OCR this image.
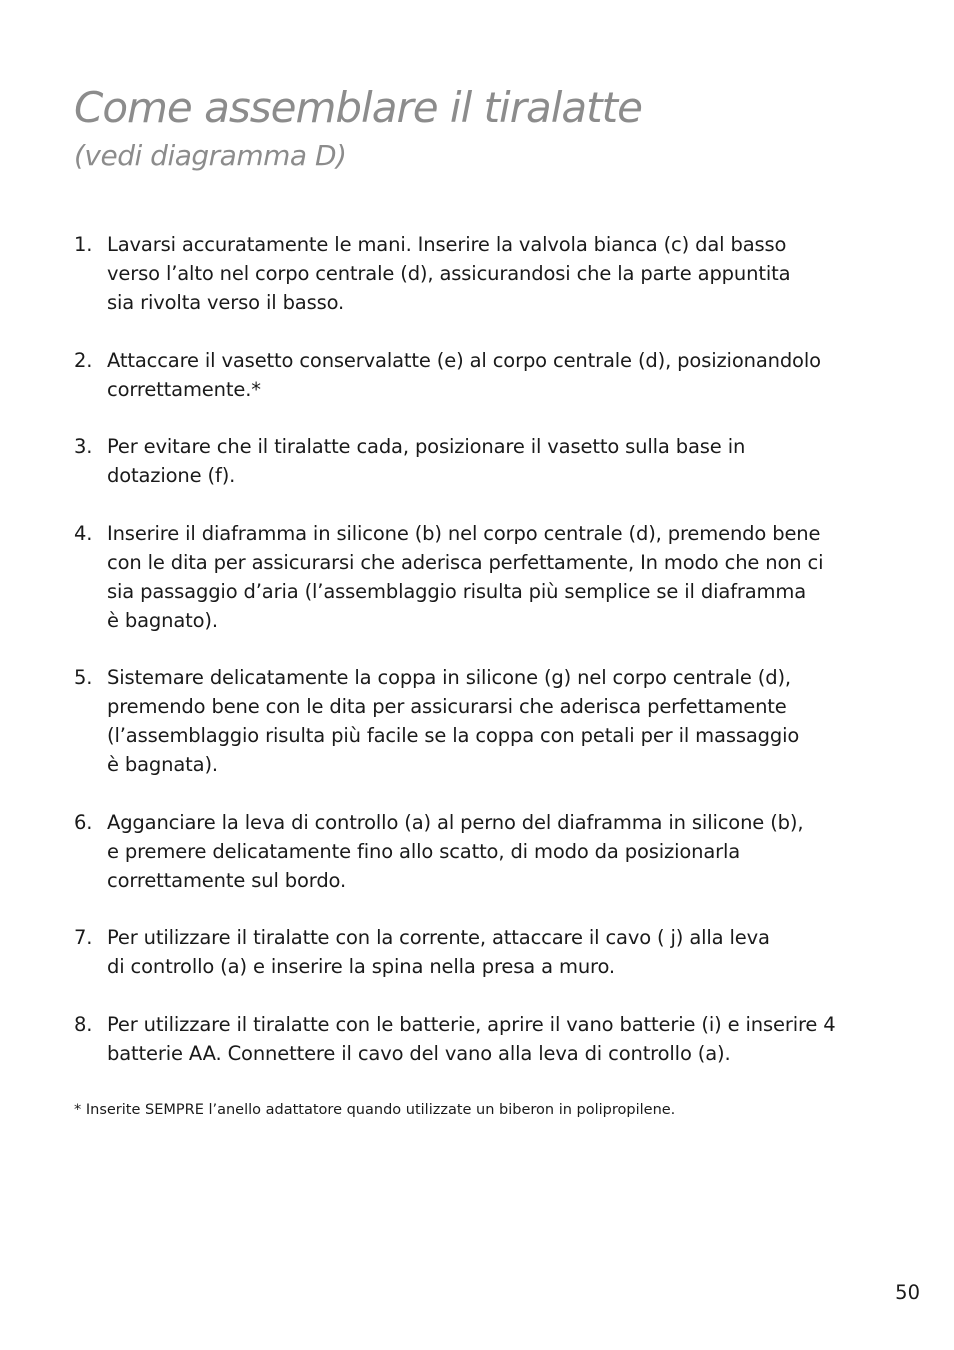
Come assemblare il tiralatte
(vedi diagramma D)
1. Lavarsi accuratamente le mani. Inserire la valvola bianca (c) dal basso
verso l’alto nel corpo centrale (d), assicurandosi che la parte appuntita
sia rivolta verso il basso.
2. Attaccare il vasetto conservalatte (e) al corpo centrale (d), posizionandolo
correttamente.*
3. Per evitare che il tiralatte cada, posizionare il vasetto sulla base in
dotazione (f).
4. Inserire il diaframma in silicone (b) nel corpo centrale (d), premendo bene
con le dita per assicurarsi che aderisca perfettamente, In modo che non ci
sia passaggio d’aria (l’assemblaggio risulta più semplice se il diaframma
è bagnato).
5. Sistemare delicatamente la coppa in silicone (g) nel corpo centrale (d),
premendo bene con le dita per assicurarsi che aderisca perfettamente
(l’assemblaggio risulta più facile se la coppa con petali per il massaggio
è bagnata).
6. Agganciare la leva di controllo (a) al perno del diaframma in silicone (b),
e premere delicatamente fino allo scatto, di modo da posizionarla
correttamente sul bordo.
7. Per utilizzare il tiralatte con la corrente, attaccare il cavo ( j) alla leva
di controllo (a) e inserire la spina nella presa a muro.
8. Per utilizzare il tiralatte con le batterie, aprire il vano batterie (i) e inserire 4
batterie AA. Connettere il cavo del vano alla leva di controllo (a).

* Inserite SEMPRE l’anello adattatore quando utilizzate un biberon in polipropilene.

50
